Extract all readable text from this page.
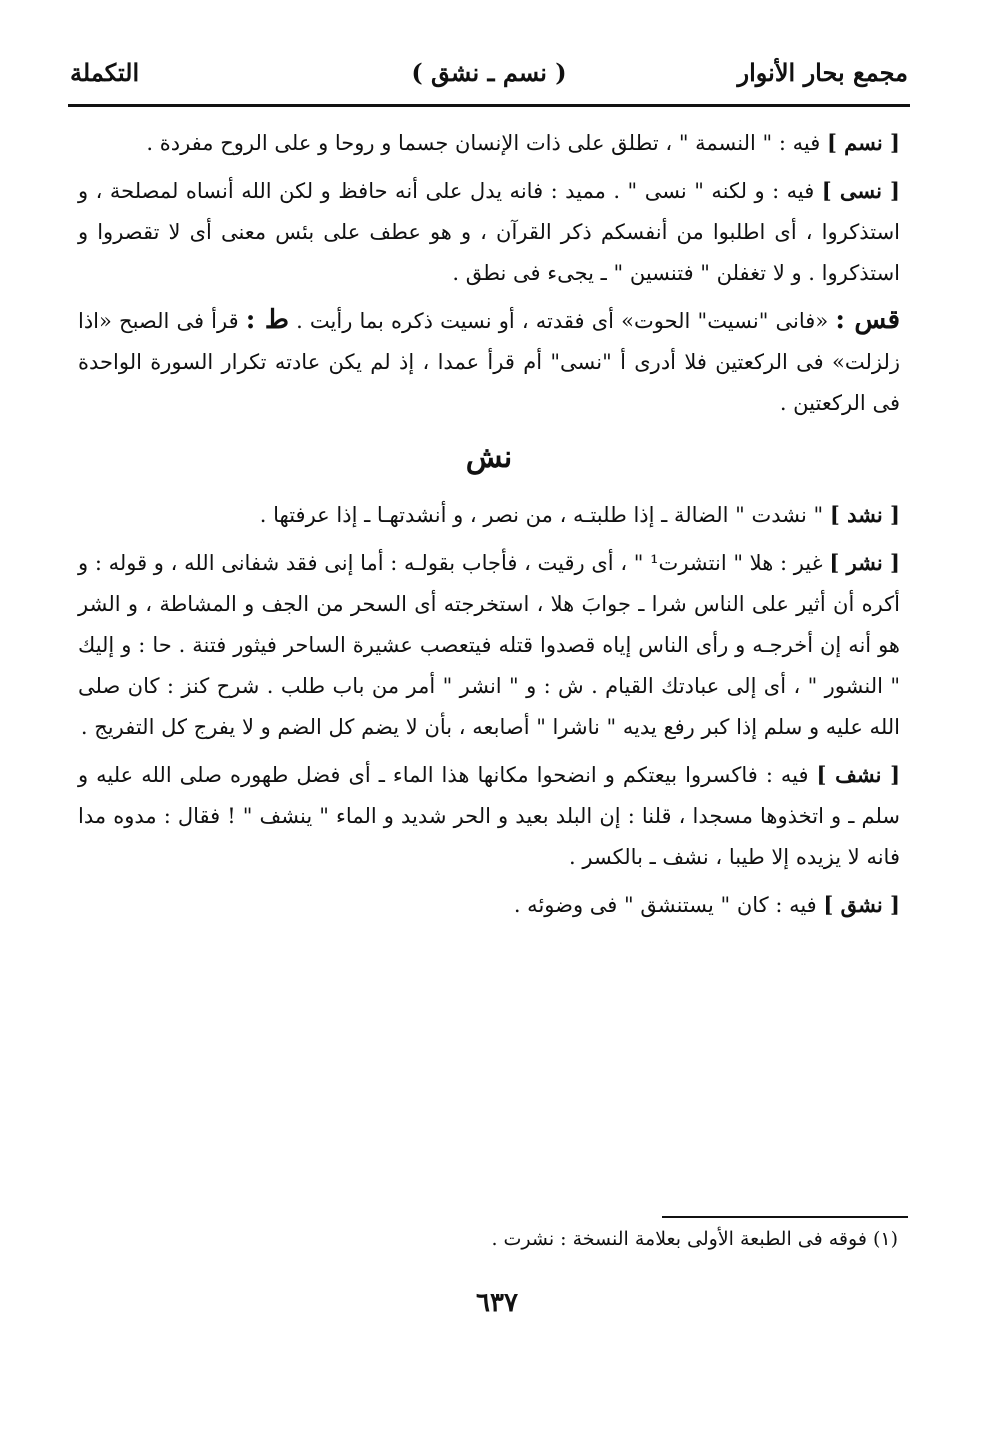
مجمع بحار الأنوار
( نسم ـ نشق )
التكملة

[ نسم ] فيه : " النسمة " ، تطلق على ذات الإنسان جسما و روحا و على الروح مفردة .

[ نسى ] فيه : و لكنه " نسى " . مميد : فانه يدل على أنه حافظ و لكن الله أنساه لمصلحة ، و استذكروا ، أى اطلبوا من أنفسكم ذكر القرآن ، و هو عطف على بئس معنى أى لا تقصروا و استذكروا . و لا تغفلن " فتنسين " ـ يجىء فى نطق .

قس : «فانى "نسيت" الحوت» أى فقدته ، أو نسيت ذكره بما رأيت . ط : قرأ فى الصبح «اذا زلزلت» فى الركعتين فلا أدرى أ "نسى" أم قرأ عمدا ، إذ لم يكن عادته تكرار السورة الواحدة فى الركعتين .

نش

[ نشد ] " نشدت " الضالة ـ إذا طلبتـه ، من نصر ، و أنشدتهـا ـ إذا عرفتها .

[ نشر ] غير : هلا " انتشرت¹ " ، أى رقيت ، فأجاب بقولـه : أما إنى فقد شفانى الله ، و قوله : و أكره أن أثير على الناس شرا ـ جوابَ هلا ، استخرجته أى السحر من الجف و المشاطة ، و الشر هو أنه إن أخرجـه و رأى الناس إياه قصدوا قتله فيتعصب عشيرة الساحر فيثور فتنة . حا : و إليك " النشور " ، أى إلى عبادتك القيام . ش : و " انشر " أمر من باب طلب . شرح كنز : كان صلى الله عليه و سلم إذا كبر رفع يديه " ناشرا " أصابعه ، بأن لا يضم كل الضم و لا يفرج كل التفريج .

[ نشف ] فيه : فاكسروا بيعتكم و انضحوا مكانها هذا الماء ـ أى فضل طهوره صلى الله عليه و سلم ـ و اتخذوها مسجدا ، قلنا : إن البلد بعيد و الحر شديد و الماء " ينشف " ! فقال : مدوه مدا فانه لا يزيده إلا طيبا ، نشف ـ بالكسر .

[ نشق ] فيه : كان " يستنشق " فى وضوئه .

(١) فوقه فى الطبعة الأولى بعلامة النسخة : نشرت .
٦٣٧
